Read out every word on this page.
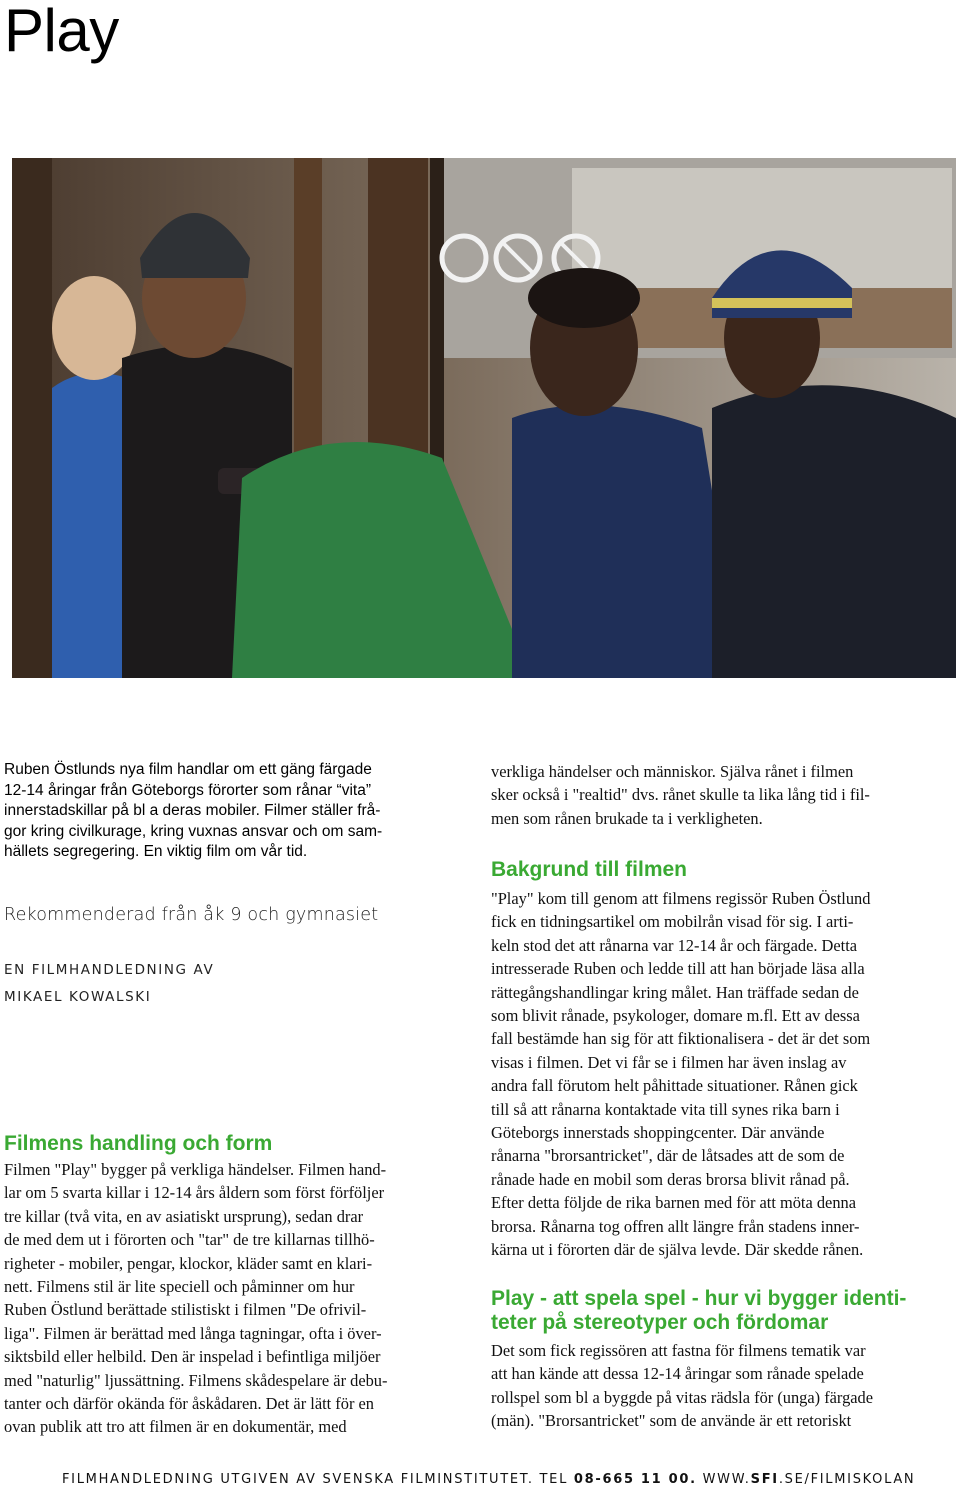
Play
Ruben Östlunds nya film handlar om ett gäng färgade
12-14 åringar från Göteborgs förorter som rånar “vita”
innerstadskillar på bl a deras mobiler. Filmer ställer frå-
gor kring civilkurage, kring vuxnas ansvar och om sam-
hällets segregering. En viktig film om vår tid.
Rekommenderad från åk 9 och gymnasiet
EN FILMHANDLEDNING AV
MIKAEL KOWALSKI
Filmens handling och form
Filmen "Play" bygger på verkliga händelser. Filmen hand-
lar om 5 svarta killar i 12-14 års åldern som först förföljer
tre killar (två vita, en av asiatiskt ursprung), sedan drar
de med dem ut i förorten och "tar" de tre killarnas tillhö-
righeter - mobiler, pengar, klockor, kläder samt en klari-
nett. Filmens stil är lite speciell och påminner om hur
Ruben Östlund berättade stilistiskt i filmen "De ofrivil-
liga". Filmen är berättad med långa tagningar, ofta i över-
siktsbild eller helbild. Den är inspelad i befintliga miljöer
med "naturlig" ljussättning. Filmens skådespelare är debu-
tanter och därför okända för åskådaren. Det är lätt för en
ovan publik att tro att filmen är en dokumentär, med
verkliga händelser och människor. Själva rånet i filmen
sker också i "realtid" dvs. rånet skulle ta lika lång tid i fil-
men som rånen brukade ta i verkligheten.
Bakgrund till filmen
"Play" kom till genom att filmens regissör Ruben Östlund
fick en tidningsartikel om mobilrån visad för sig. I arti-
keln stod det att rånarna var 12-14 år och färgade. Detta
intresserade Ruben och ledde till att han började läsa alla
rättegångshandlingar kring målet. Han träffade sedan de
som blivit rånade, psykologer, domare m.fl. Ett av dessa
fall bestämde han sig för att fiktionalisera - det är det som
visas i filmen. Det vi får se i filmen har även inslag av
andra fall förutom helt påhittade situationer. Rånen gick
till så att rånarna kontaktade vita till synes rika barn i
Göteborgs innerstads shoppingcenter. Där använde
rånarna "brorsantricket", där de låtsades att de som de
rånade hade en mobil som deras brorsa blivit rånad på.
Efter detta följde de rika barnen med för att möta denna
brorsa. Rånarna tog offren allt längre från stadens inner-
kärna ut i förorten där de själva levde. Där skedde rånen.
Play - att spela spel - hur vi bygger identi-
teter på stereotyper och fördomar
Det som fick regissören att fastna för filmens tematik var
att han kände att dessa 12-14 åringar som rånade spelade
rollspel som bl a byggde på vitas rädsla för (unga) färgade
(män). "Brorsantricket" som de använde är ett retoriskt
FILMHANDLEDNING UTGIVEN AV SVENSKA FILMINSTITUTET. TEL 08-665 11 00. WWW.SFI.SE/FILMISKOLAN
